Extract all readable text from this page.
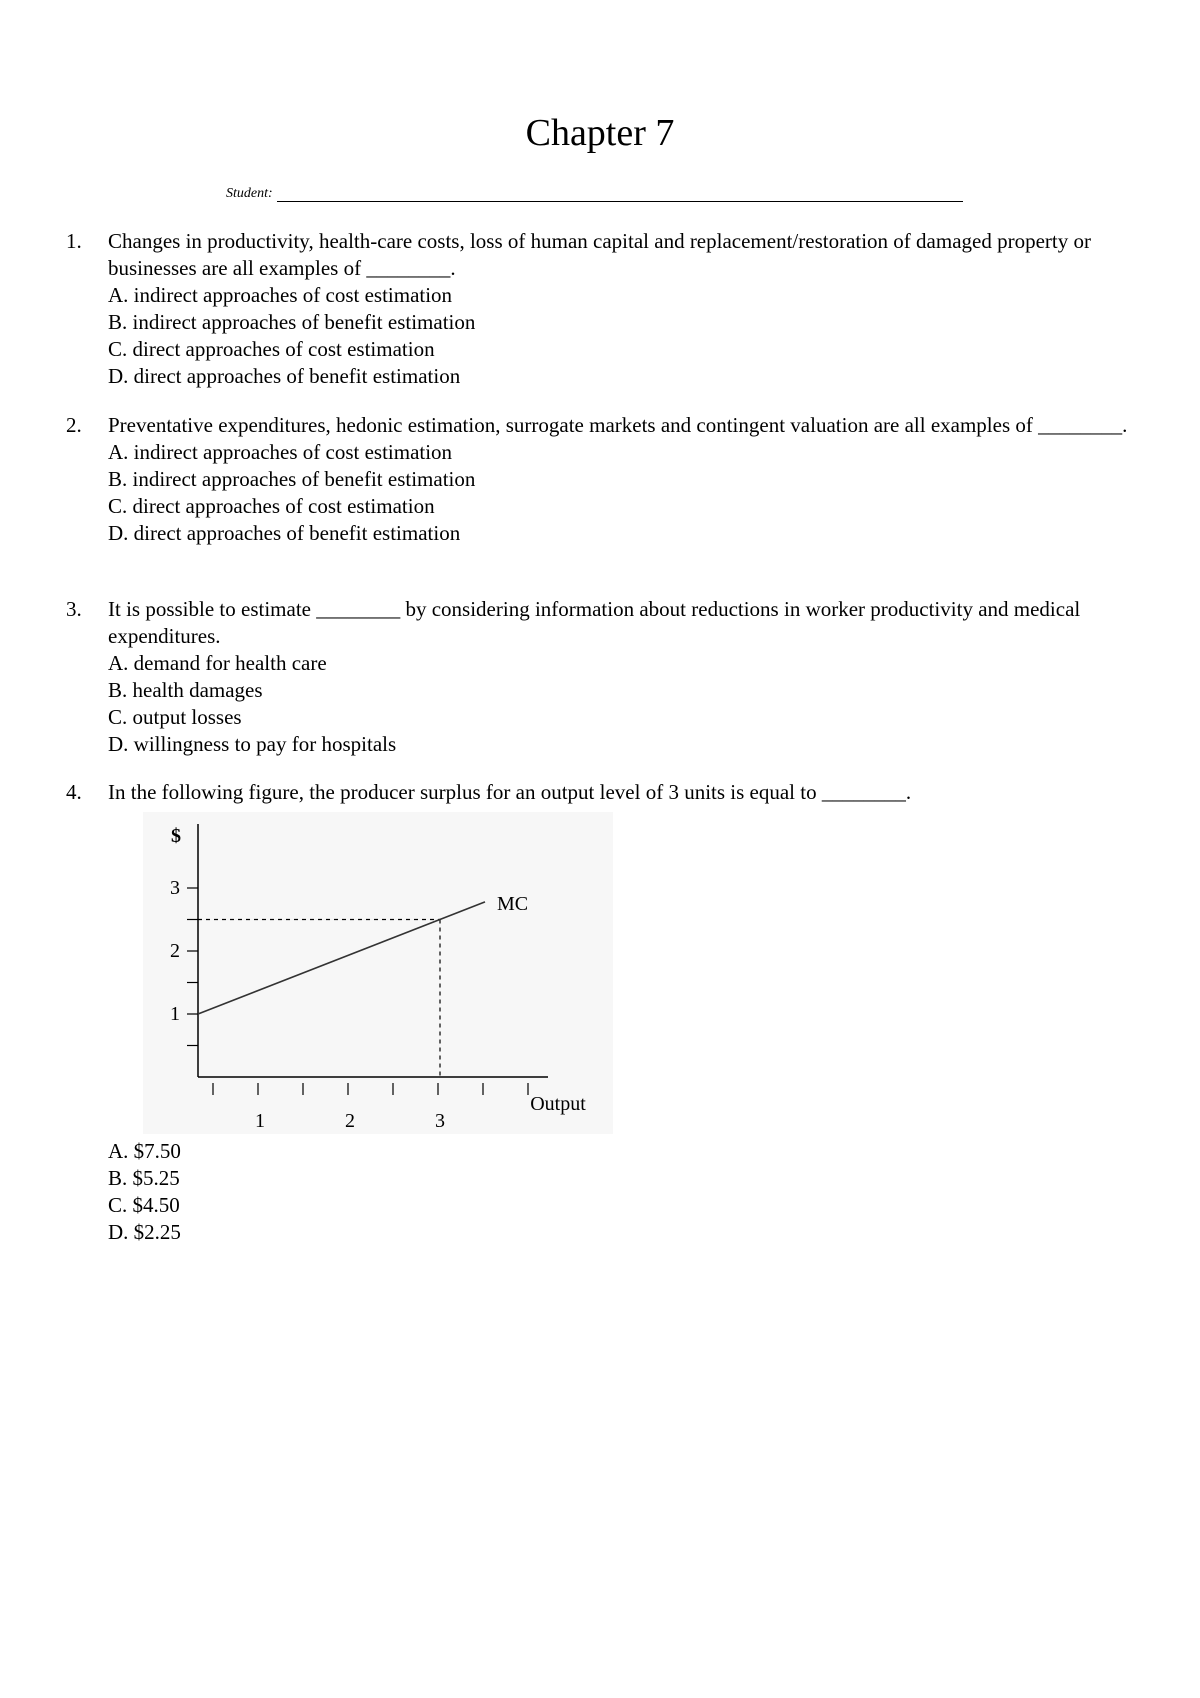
Chapter 7
Student:
1.	Changes in productivity, health-care costs, loss of human capital and replacement/restoration of damaged property or businesses are all examples of ________.
A. indirect approaches of cost estimation
B. indirect approaches of benefit estimation
C. direct approaches of cost estimation
D. direct approaches of benefit estimation
2.	Preventative expenditures, hedonic estimation, surrogate markets and contingent valuation are all examples of ________.
A. indirect approaches of cost estimation
B. indirect approaches of benefit estimation
C. direct approaches of cost estimation
D. direct approaches of benefit estimation
3.	It is possible to estimate ________ by considering information about reductions in worker productivity and medical expenditures.
A. demand for health care
B. health damages
C. output losses
D. willingness to pay for hospitals
4.	In the following figure, the producer surplus for an output level of 3 units is equal to ________.
1
2
3
1	2	3
MC
$
Output
A. $7.50
B. $5.25
C. $4.50
D. $2.25
